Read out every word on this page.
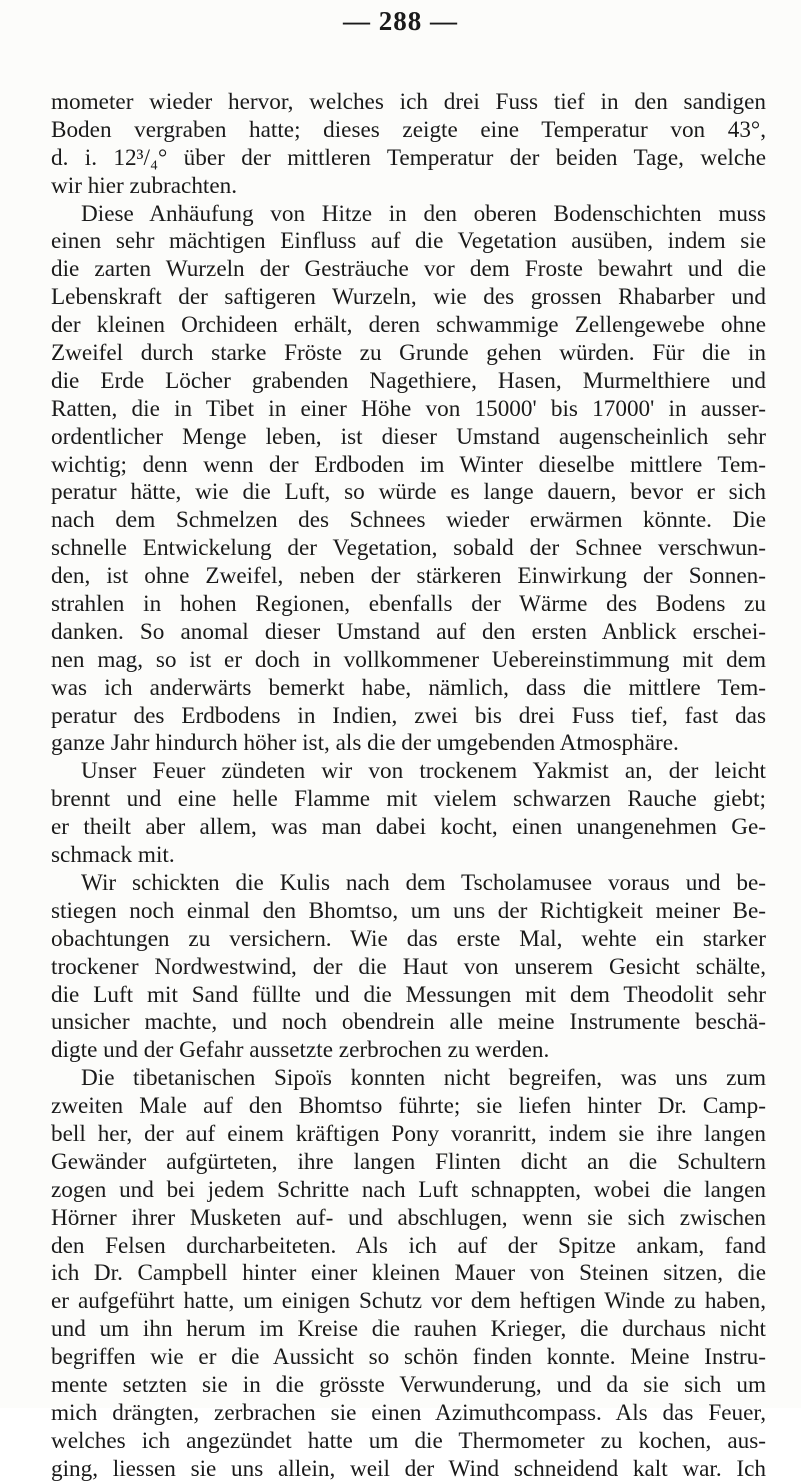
— 288 —
mometer wieder hervor, welches ich drei Fuss tief in den sandigen
Boden vergraben hatte; dieses zeigte eine Temperatur von 43°,
d. i. 12³/₄° über der mittleren Temperatur der beiden Tage, welche
wir hier zubrachten.
Diese Anhäufung von Hitze in den oberen Bodenschichten muss
einen sehr mächtigen Einfluss auf die Vegetation ausüben, indem sie
die zarten Wurzeln der Gesträuche vor dem Froste bewahrt und die
Lebenskraft der saftigeren Wurzeln, wie des grossen Rhabarber und
der kleinen Orchideen erhält, deren schwammige Zellengewebe ohne
Zweifel durch starke Fröste zu Grunde gehen würden. Für die in
die Erde Löcher grabenden Nagethiere, Hasen, Murmelthiere und
Ratten, die in Tibet in einer Höhe von 15000' bis 17000' in ausser-
ordentlicher Menge leben, ist dieser Umstand augenscheinlich sehr
wichtig; denn wenn der Erdboden im Winter dieselbe mittlere Tem-
peratur hätte, wie die Luft, so würde es lange dauern, bevor er sich
nach dem Schmelzen des Schnees wieder erwärmen könnte. Die
schnelle Entwickelung der Vegetation, sobald der Schnee verschwun-
den, ist ohne Zweifel, neben der stärkeren Einwirkung der Sonnen-
strahlen in hohen Regionen, ebenfalls der Wärme des Bodens zu
danken. So anomal dieser Umstand auf den ersten Anblick erschei-
nen mag, so ist er doch in vollkommener Uebereinstimmung mit dem
was ich anderwärts bemerkt habe, nämlich, dass die mittlere Tem-
peratur des Erdbodens in Indien, zwei bis drei Fuss tief, fast das
ganze Jahr hindurch höher ist, als die der umgebenden Atmosphäre.
Unser Feuer zündeten wir von trockenem Yakmist an, der leicht
brennt und eine helle Flamme mit vielem schwarzen Rauche giebt;
er theilt aber allem, was man dabei kocht, einen unangenehmen Ge-
schmack mit.
Wir schickten die Kulis nach dem Tscholamusee voraus und be-
stiegen noch einmal den Bhomtso, um uns der Richtigkeit meiner Be-
obachtungen zu versichern. Wie das erste Mal, wehte ein starker
trockener Nordwestwind, der die Haut von unserem Gesicht schälte,
die Luft mit Sand füllte und die Messungen mit dem Theodolit sehr
unsicher machte, und noch obendrein alle meine Instrumente beschä-
digte und der Gefahr aussetzte zerbrochen zu werden.
Die tibetanischen Sipoïs konnten nicht begreifen, was uns zum
zweiten Male auf den Bhomtso führte; sie liefen hinter Dr. Camp-
bell her, der auf einem kräftigen Pony voranritt, indem sie ihre langen
Gewänder aufgürteten, ihre langen Flinten dicht an die Schultern
zogen und bei jedem Schritte nach Luft schnappten, wobei die langen
Hörner ihrer Musketen auf- und abschlugen, wenn sie sich zwischen
den Felsen durcharbeiteten. Als ich auf der Spitze ankam, fand
ich Dr. Campbell hinter einer kleinen Mauer von Steinen sitzen, die
er aufgeführt hatte, um einigen Schutz vor dem heftigen Winde zu haben,
und um ihn herum im Kreise die rauhen Krieger, die durchaus nicht
begriffen wie er die Aussicht so schön finden konnte. Meine Instru-
mente setzten sie in die grösste Verwunderung, und da sie sich um
mich drängten, zerbrachen sie einen Azimuthcompass. Als das Feuer,
welches ich angezündet hatte um die Thermometer zu kochen, aus-
ging, liessen sie uns allein, weil der Wind schneidend kalt war. Ich
